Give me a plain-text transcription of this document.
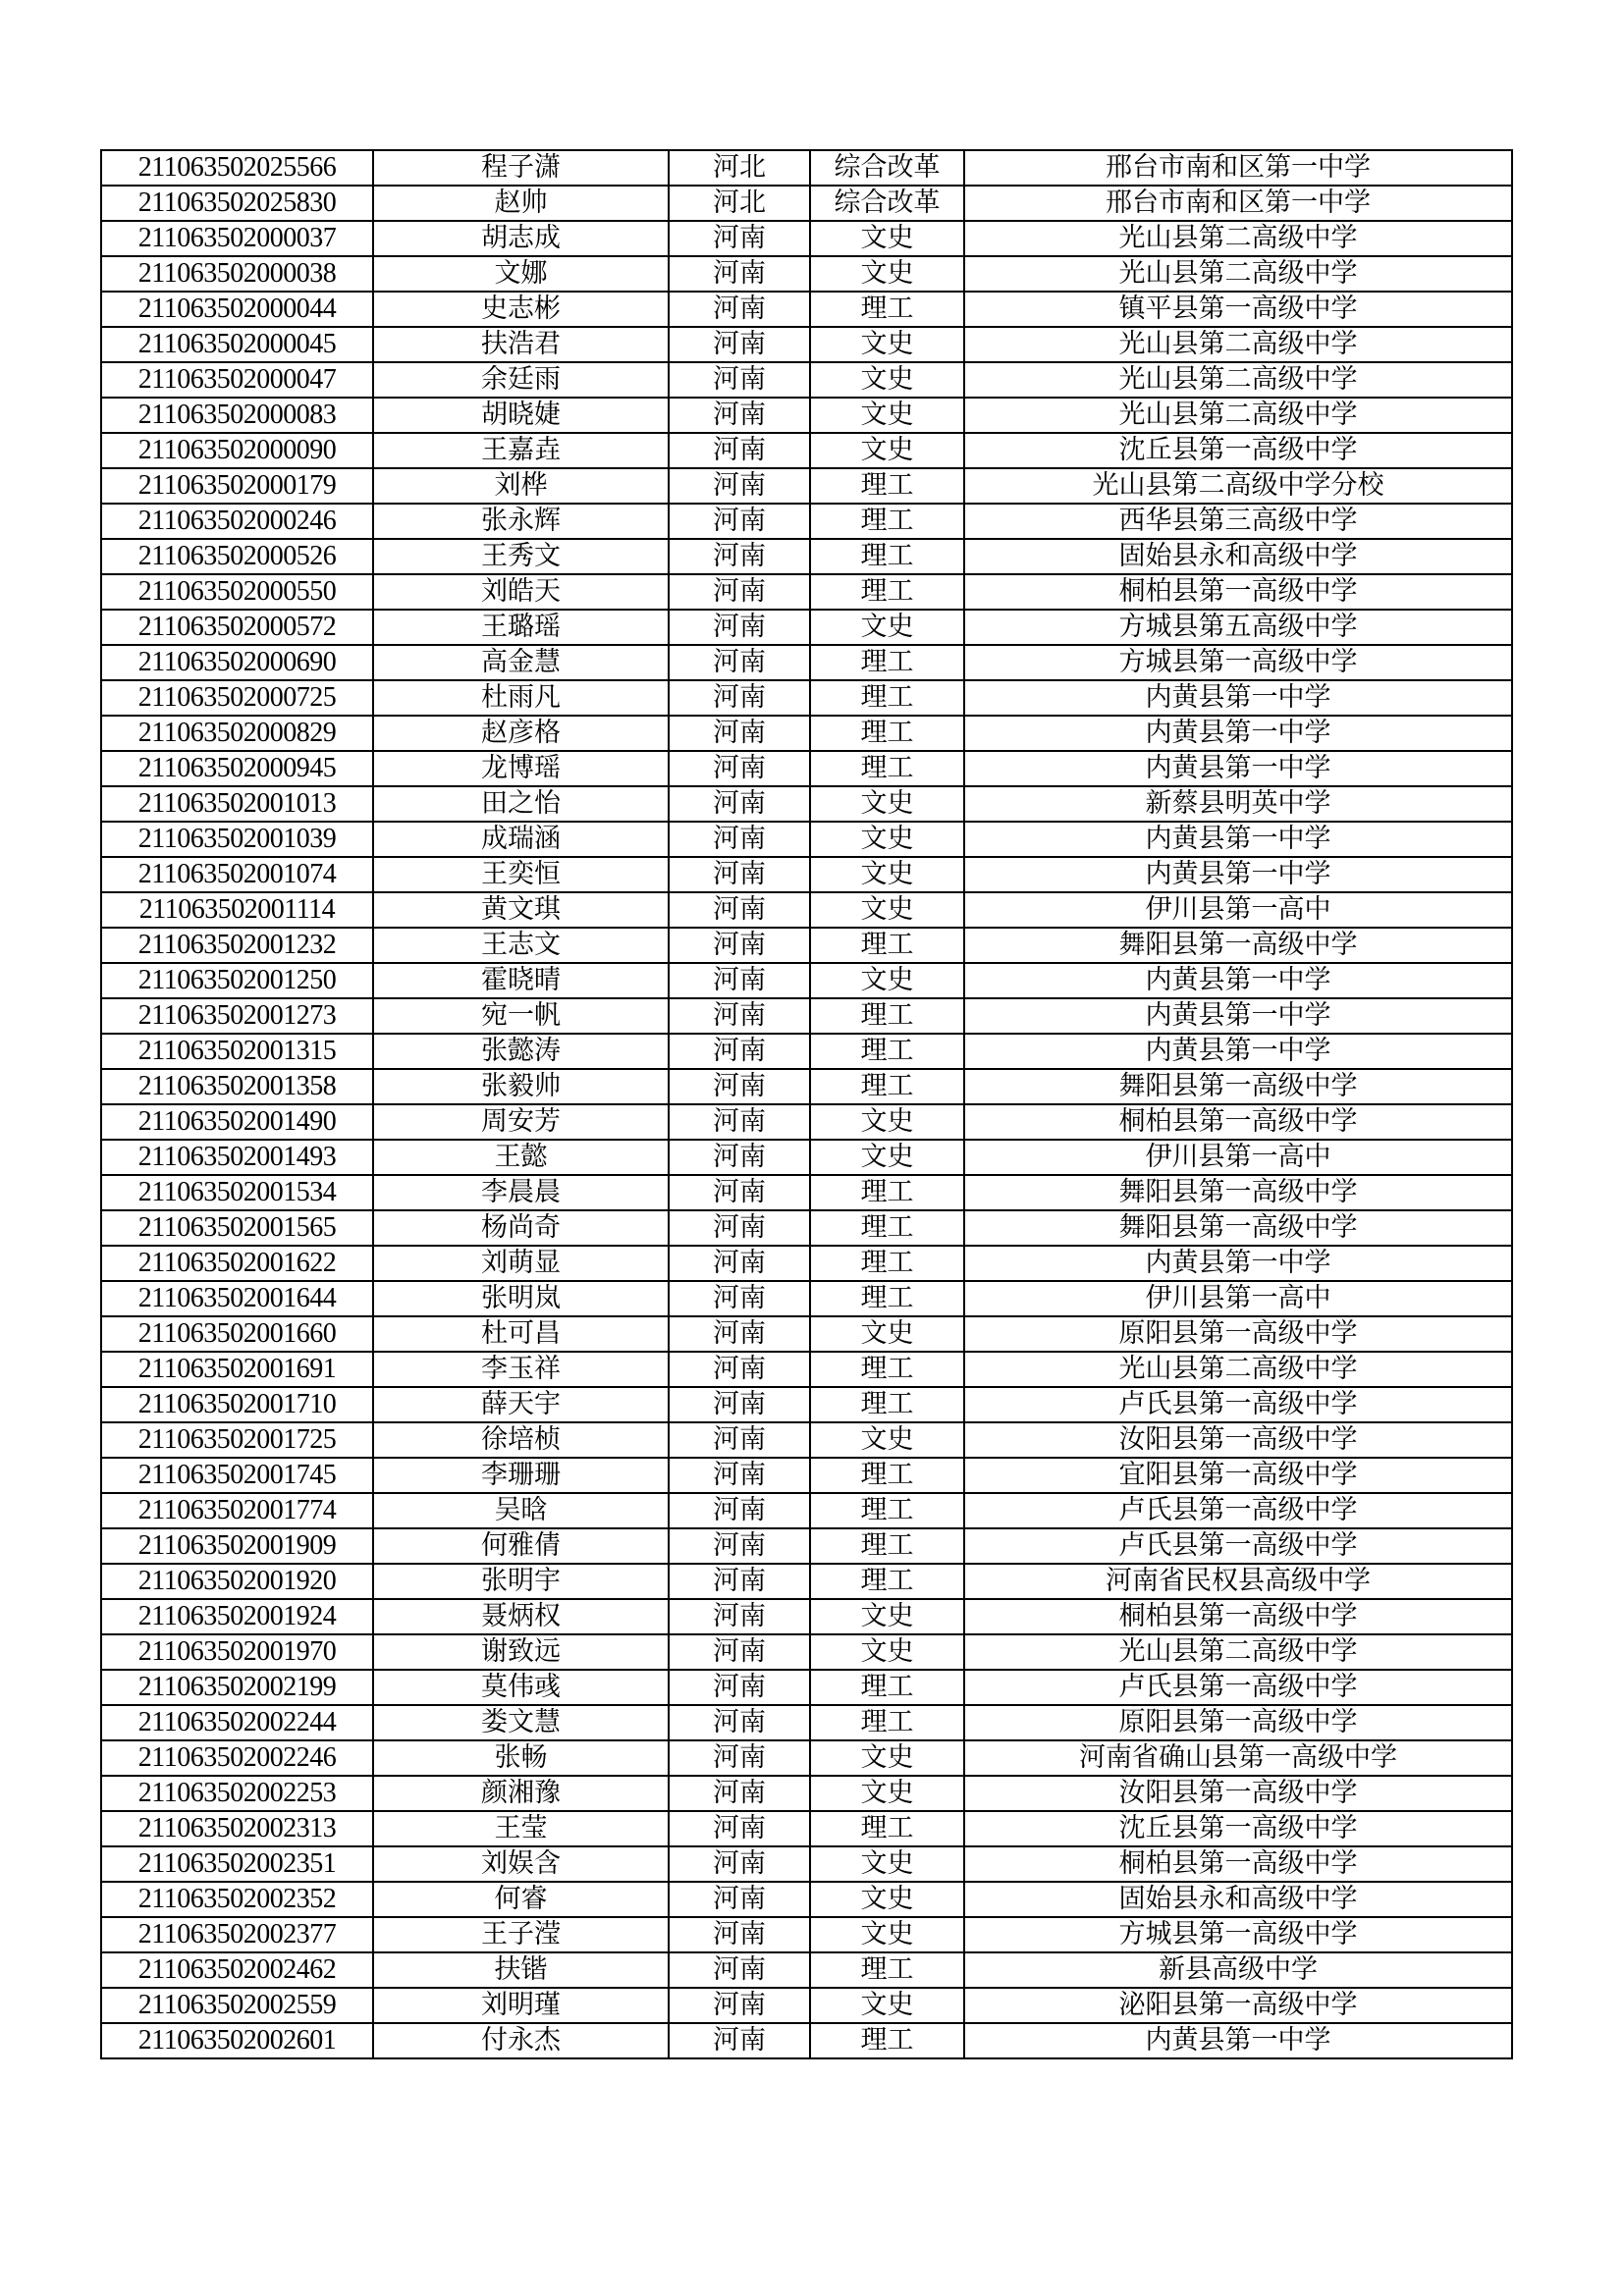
211063502025566	程子潇	河北	综合改革	邢台市南和区第一中学
211063502025830	赵帅	河北	综合改革	邢台市南和区第一中学
211063502000037	胡志成	河南	文史	光山县第二高级中学
211063502000038	文娜	河南	文史	光山县第二高级中学
211063502000044	史志彬	河南	理工	镇平县第一高级中学
211063502000045	扶浩君	河南	文史	光山县第二高级中学
211063502000047	余廷雨	河南	文史	光山县第二高级中学
211063502000083	胡晓婕	河南	文史	光山县第二高级中学
211063502000090	王嘉垚	河南	文史	沈丘县第一高级中学
211063502000179	刘桦	河南	理工	光山县第二高级中学分校
211063502000246	张永辉	河南	理工	西华县第三高级中学
211063502000526	王秀文	河南	理工	固始县永和高级中学
211063502000550	刘皓天	河南	理工	桐柏县第一高级中学
211063502000572	王璐瑶	河南	文史	方城县第五高级中学
211063502000690	高金慧	河南	理工	方城县第一高级中学
211063502000725	杜雨凡	河南	理工	内黄县第一中学
211063502000829	赵彦格	河南	理工	内黄县第一中学
211063502000945	龙博瑶	河南	理工	内黄县第一中学
211063502001013	田之怡	河南	文史	新蔡县明英中学
211063502001039	成瑞涵	河南	文史	内黄县第一中学
211063502001074	王奕恒	河南	文史	内黄县第一中学
211063502001114	黄文琪	河南	文史	伊川县第一高中
211063502001232	王志文	河南	理工	舞阳县第一高级中学
211063502001250	霍晓晴	河南	文史	内黄县第一中学
211063502001273	宛一帆	河南	理工	内黄县第一中学
211063502001315	张懿涛	河南	理工	内黄县第一中学
211063502001358	张毅帅	河南	理工	舞阳县第一高级中学
211063502001490	周安芳	河南	文史	桐柏县第一高级中学
211063502001493	王懿	河南	文史	伊川县第一高中
211063502001534	李晨晨	河南	理工	舞阳县第一高级中学
211063502001565	杨尚奇	河南	理工	舞阳县第一高级中学
211063502001622	刘萌显	河南	理工	内黄县第一中学
211063502001644	张明岚	河南	理工	伊川县第一高中
211063502001660	杜可昌	河南	文史	原阳县第一高级中学
211063502001691	李玉祥	河南	理工	光山县第二高级中学
211063502001710	薛天宇	河南	理工	卢氏县第一高级中学
211063502001725	徐培桢	河南	文史	汝阳县第一高级中学
211063502001745	李珊珊	河南	理工	宜阳县第一高级中学
211063502001774	吴晗	河南	理工	卢氏县第一高级中学
211063502001909	何雅倩	河南	理工	卢氏县第一高级中学
211063502001920	张明宇	河南	理工	河南省民权县高级中学
211063502001924	聂炳权	河南	文史	桐柏县第一高级中学
211063502001970	谢致远	河南	文史	光山县第二高级中学
211063502002199	莫伟彧	河南	理工	卢氏县第一高级中学
211063502002244	娄文慧	河南	理工	原阳县第一高级中学
211063502002246	张畅	河南	文史	河南省确山县第一高级中学
211063502002253	颜湘豫	河南	文史	汝阳县第一高级中学
211063502002313	王莹	河南	理工	沈丘县第一高级中学
211063502002351	刘娱含	河南	文史	桐柏县第一高级中学
211063502002352	何睿	河南	文史	固始县永和高级中学
211063502002377	王子滢	河南	文史	方城县第一高级中学
211063502002462	扶锴	河南	理工	新县高级中学
211063502002559	刘明瑾	河南	文史	泌阳县第一高级中学
211063502002601	付永杰	河南	理工	内黄县第一中学
